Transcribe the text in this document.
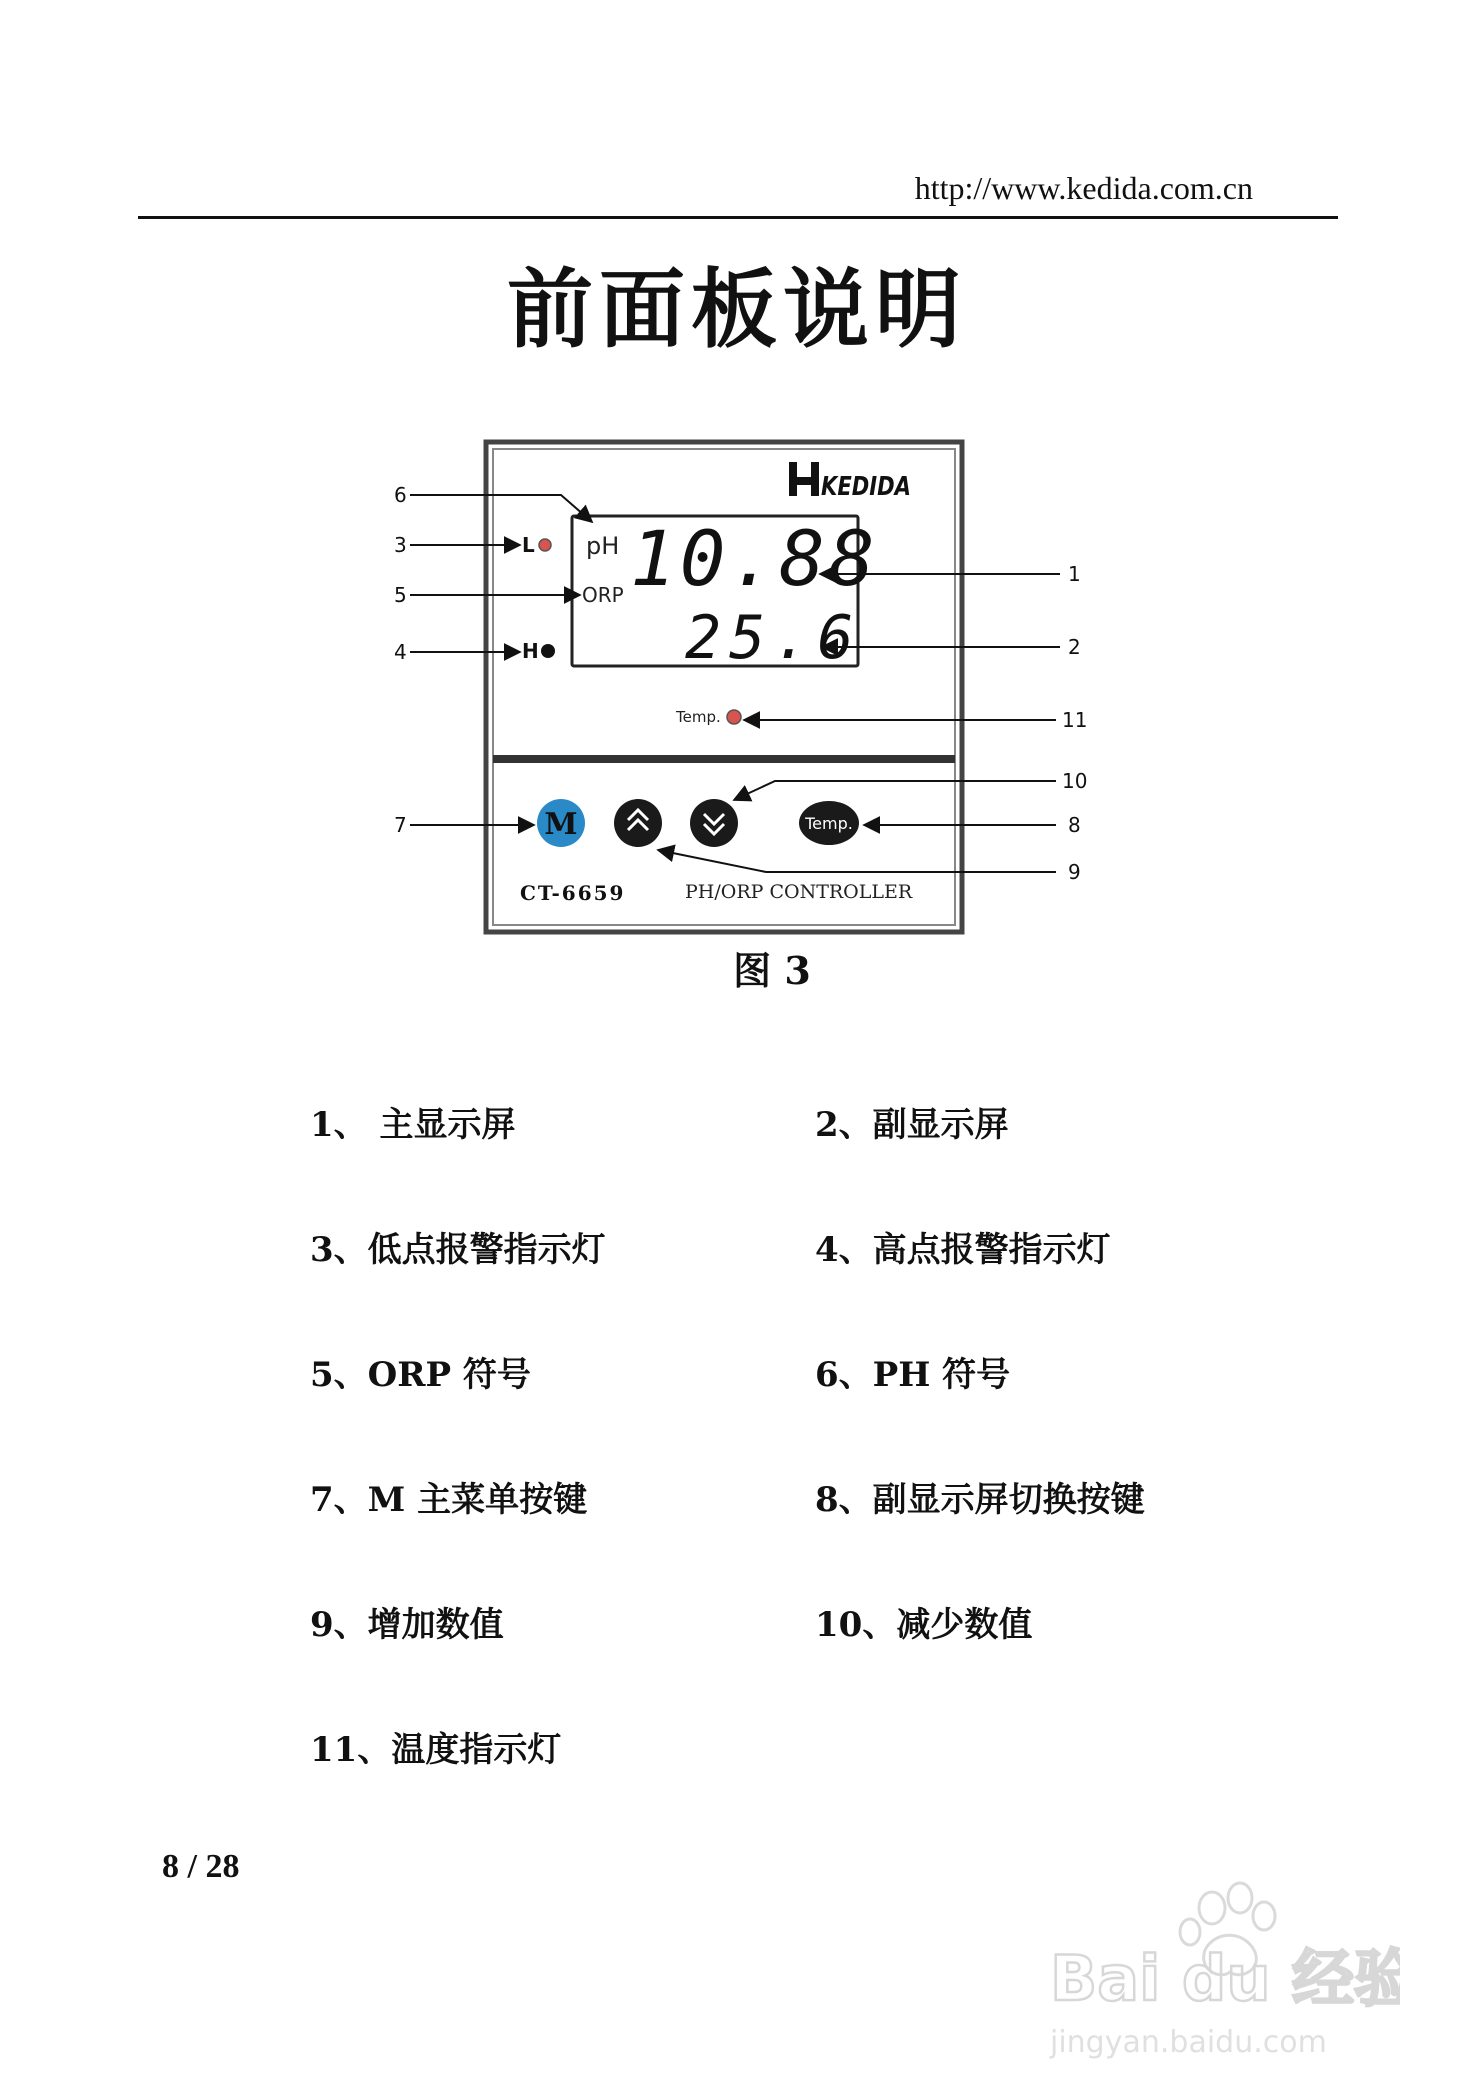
http://www.kedida.com.cn
前面板说明
KEDIDA
pH
ORP 10.88
25.6
L
H
Temp.
M	Temp.
CT-6659	PH/ORP CONTROLLER
6
3
5
4
7
1
2
11
10
8
9
图 3
1、 主显示屏	2、副显示屏
3、低点报警指示灯	4、高点报警指示灯
5、ORP 符号	6、PH 符号
7、M 主菜单按键	8、副显示屏切换按键
9、增加数值	10、减少数值
11、温度指示灯
8 / 28
Bai du 经验
jingyan.baidu.com
